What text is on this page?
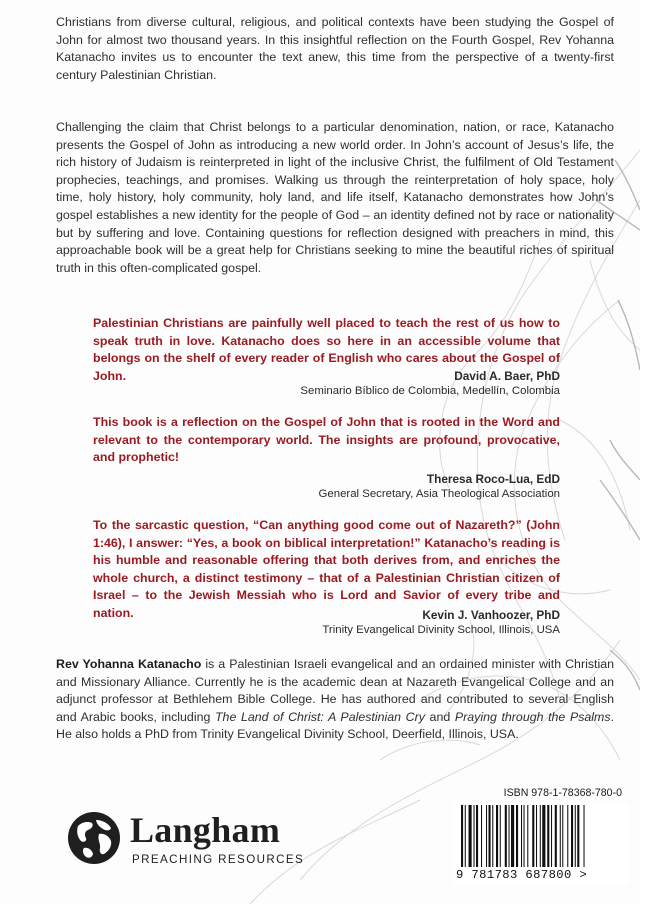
Christians from diverse cultural, religious, and political contexts have been studying the Gospel of John for almost two thousand years. In this insightful reflection on the Fourth Gospel, Rev Yohanna Katanacho invites us to encounter the text anew, this time from the perspective of a twenty-first century Palestinian Christian.

Challenging the claim that Christ belongs to a particular denomination, nation, or race, Katanacho presents the Gospel of John as introducing a new world order. In John’s account of Jesus’s life, the rich history of Judaism is reinterpreted in light of the inclusive Christ, the fulfilment of Old Testament prophecies, teachings, and promises. Walking us through the reinterpretation of holy space, holy time, holy history, holy community, holy land, and life itself, Katanacho demonstrates how John’s gospel establishes a new identity for the people of God – an identity defined not by race or nationality but by suffering and love. Containing questions for reflection designed with preachers in mind, this approachable book will be a great help for Christians seeking to mine the beautiful riches of spiritual truth in this often-complicated gospel.

Palestinian Christians are painfully well placed to teach the rest of us how to speak truth in love. Katanacho does so here in an accessible volume that belongs on the shelf of every reader of English who cares about the Gospel of John.	David A. Baer, PhD
Seminario Bíblico de Colombia, Medellín, Colombia

This book is a reflection on the Gospel of John that is rooted in the Word and relevant to the contemporary world. The insights are profound, provocative, and prophetic!

Theresa Roco-Lua, EdD
General Secretary, Asia Theological Association

To the sarcastic question, “Can anything good come out of Nazareth?” (John 1:46), I answer: “Yes, a book on biblical interpretation!” Katanacho’s reading is his humble and reasonable offering that both derives from, and enriches the whole church, a distinct testimony – that of a Palestinian Christian citizen of Israel – to the Jewish Messiah who is Lord and Savior of every tribe and nation.	Kevin J. Vanhoozer, PhD
Trinity Evangelical Divinity School, Illinois, USA

Rev Yohanna Katanacho is a Palestinian Israeli evangelical and an ordained minister with Christian and Missionary Alliance. Currently he is the academic dean at Nazareth Evangelical College and an adjunct professor at Bethlehem Bible College. He has authored and contributed to several English and Arabic books, including The Land of Christ: A Palestinian Cry and Praying through the Psalms. He also holds a PhD from Trinity Evangelical Divinity School, Deerfield, Illinois, USA.

Langham
PREACHING RESOURCES
ISBN 978-1-78368-780-0
9 781783 687800 >
